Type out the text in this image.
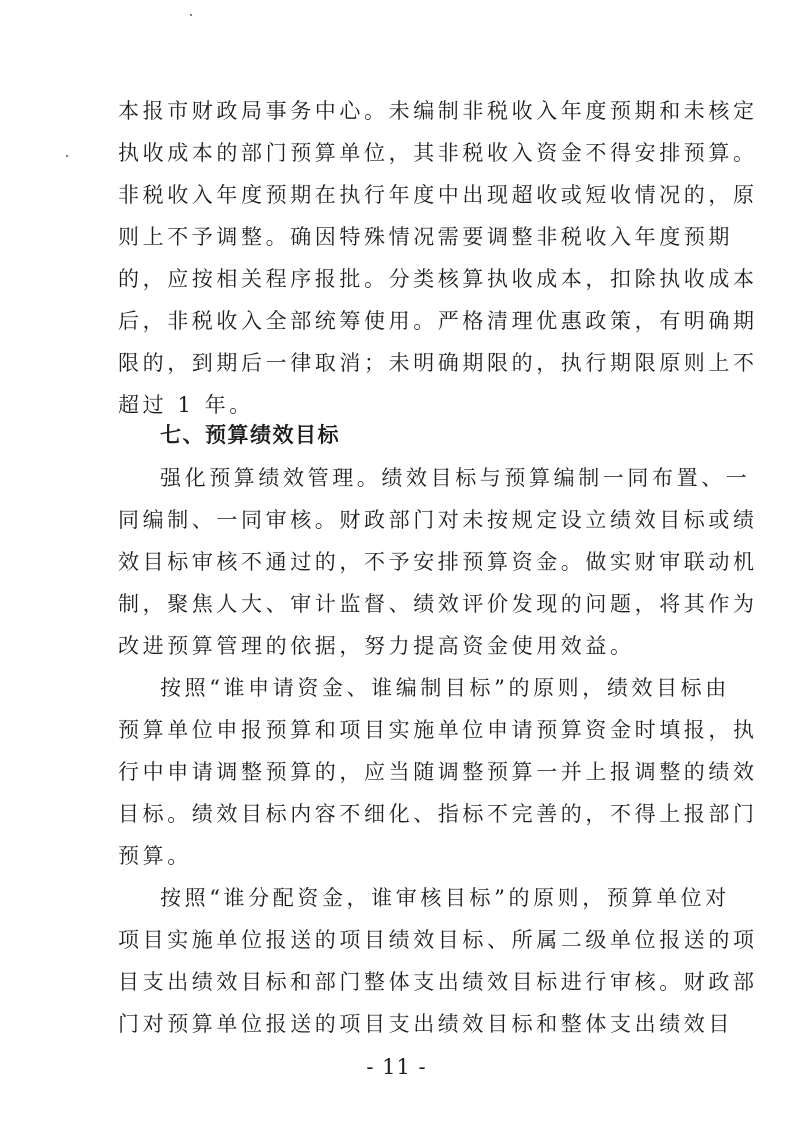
本报市财政局事务中心。未编制非税收入年度预期和未核定
执收成本的部门预算单位，其非税收入资金不得安排预算。
非税收入年度预期在执行年度中出现超收或短收情况的，原
则上不予调整。确因特殊情况需要调整非税收入年度预期
的，应按相关程序报批。分类核算执收成本，扣除执收成本
后，非税收入全部统筹使用。严格清理优惠政策，有明确期
限的，到期后一律取消；未明确期限的，执行期限原则上不
超过 1 年。
七、预算绩效目标
强化预算绩效管理。绩效目标与预算编制一同布置、一
同编制、一同审核。财政部门对未按规定设立绩效目标或绩
效目标审核不通过的，不予安排预算资金。做实财审联动机
制，聚焦人大、审计监督、绩效评价发现的问题，将其作为
改进预算管理的依据，努力提高资金使用效益。
按照“谁申请资金、谁编制目标”的原则，绩效目标由
预算单位申报预算和项目实施单位申请预算资金时填报，执
行中申请调整预算的，应当随调整预算一并上报调整的绩效
目标。绩效目标内容不细化、指标不完善的，不得上报部门
预算。
按照“谁分配资金，谁审核目标”的原则，预算单位对
项目实施单位报送的项目绩效目标、所属二级单位报送的项
目支出绩效目标和部门整体支出绩效目标进行审核。财政部
门对预算单位报送的项目支出绩效目标和整体支出绩效目
- 11 -
